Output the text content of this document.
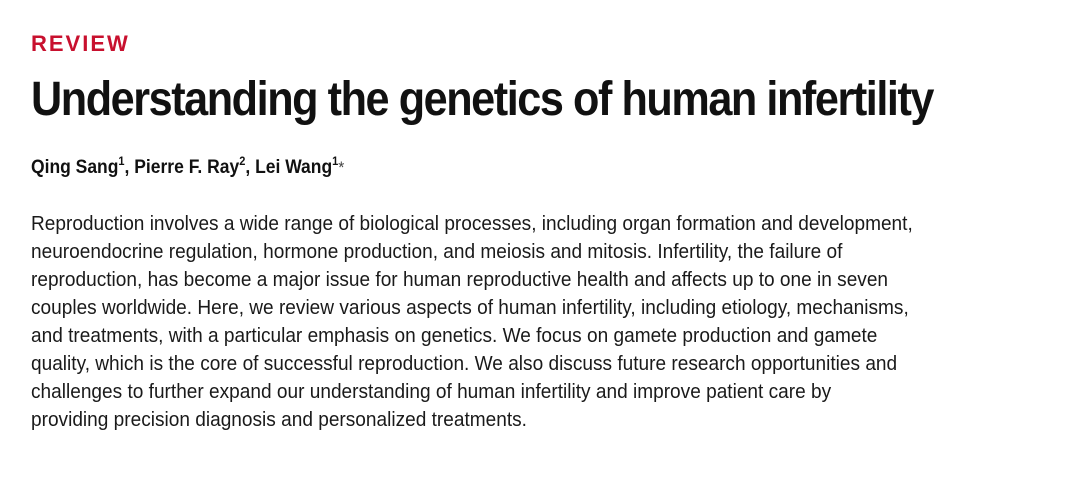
REVIEW
Understanding the genetics of human infertility
Qing Sang$^1$, Pierre F. Ray$^2$, Lei Wang$^1$*
Reproduction involves a wide range of biological processes, including organ formation and development,
neuroendocrine regulation, hormone production, and meiosis and mitosis. Infertility, the failure of
reproduction, has become a major issue for human reproductive health and affects up to one in seven
couples worldwide. Here, we review various aspects of human infertility, including etiology, mechanisms,
and treatments, with a particular emphasis on genetics. We focus on gamete production and gamete
quality, which is the core of successful reproduction. We also discuss future research opportunities and
challenges to further expand our understanding of human infertility and improve patient care by
providing precision diagnosis and personalized treatments.
